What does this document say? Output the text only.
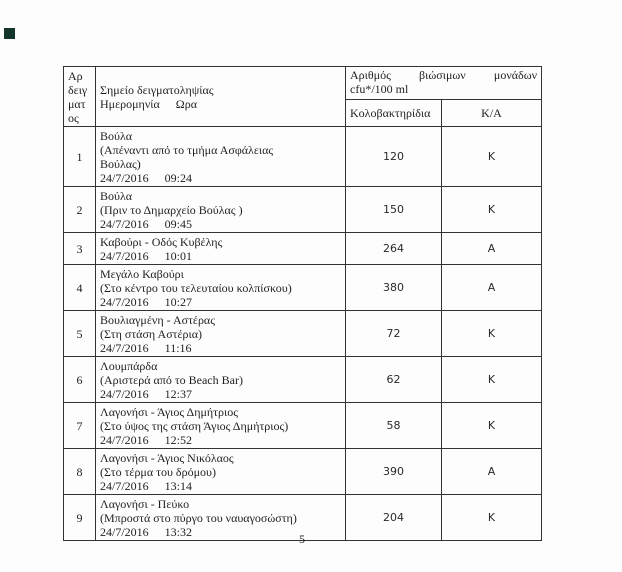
Αρ
δειγ
ματ
ος

Σημείο δειγματοληψίας
Ημερομηνία Ωρα

Αριθμός βιώσιμων μονάδων
cfu*/100 ml

		Κολοβακτηρίδια	Κ/Α
1	Βούλα
(Απέναντι από το τμήμα Ασφάλειας
Βούλας)
24/7/2016 09:24	120	Κ
2	Βούλα
(Πριν το Δημαρχείο Βούλας )
24/7/2016 09:45	150	Κ
3	Καβούρι - Οδός Κυβέλης
24/7/2016 10:01	264	Α
4	Μεγάλο Καβούρι
(Στο κέντρο του τελευταίου κολπίσκου)
24/7/2016 10:27	380	Α
5	Βουλιαγμένη - Αστέρας
(Στη στάση Αστέρια)
24/7/2016 11:16	72	Κ
6	Λουμπάρδα
(Αριστερά από το Beach Bar)
24/7/2016 12:37	62	Κ
7	Λαγονήσι - Άγιος Δημήτριος
(Στο ύψος της στάση Άγιος Δημήτριος)
24/7/2016 12:52	58	Κ
8	Λαγονήσι - Άγιος Νικόλαος
(Στο τέρμα του δρόμου)
24/7/2016 13:14	390	Α
9	Λαγονήσι - Πεύκο
(Μπροστά στο πύργο του ναυαγοσώστη)
24/7/2016 13:32	204	Κ
5
